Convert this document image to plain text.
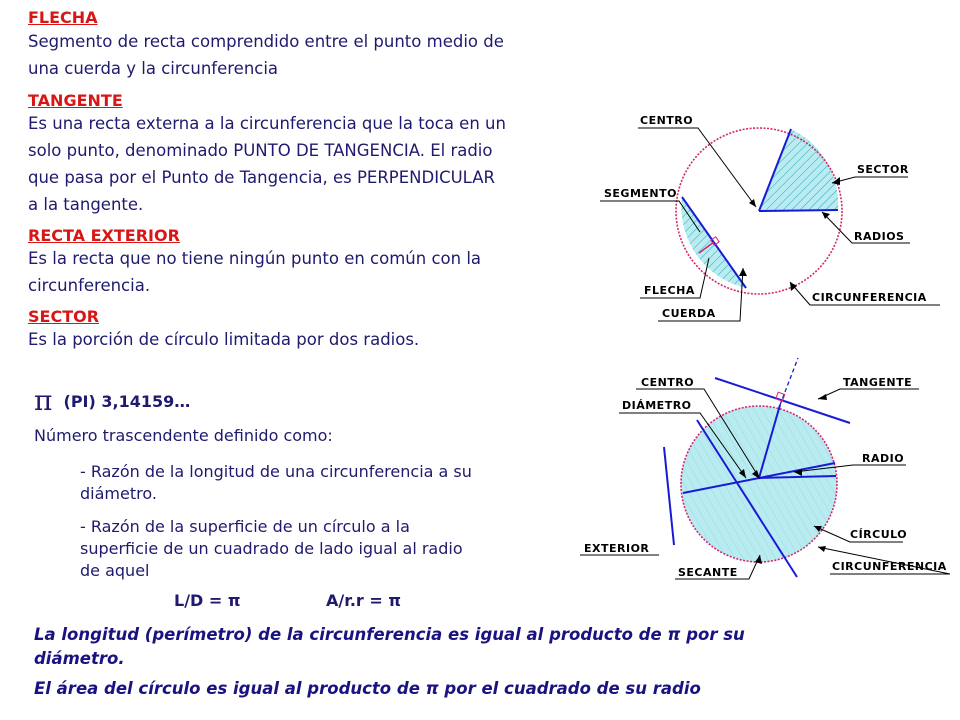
FLECHA
Segmento de recta comprendido entre el punto medio de
una cuerda y la circunferencia
TANGENTE
Es una recta externa a la circunferencia que la toca en un
solo punto, denominado PUNTO DE TANGENCIA. El radio
que pasa por el Punto de Tangencia, es PERPENDICULAR
a la tangente.
RECTA EXTERIOR
Es la recta que no tiene ningún punto en común con la
circunferencia.
SECTOR
Es la porción de círculo limitada por dos radios.
π (PI) 3,14159…
Número trascendente definido como:
- Razón de la longitud de una circunferencia a su
diámetro.
- Razón de la superficie de un círculo a la
superficie de un cuadrado de lado igual al radio
de aquel
L/D = π	A/r.r = π
La longitud (perímetro) de la circunferencia es igual al producto de π por su
diámetro.
El área del círculo es igual al producto de π por el cuadrado de su radio
CENTRO
SECTOR
SEGMENTO
RADIOS
FLECHA
CIRCUNFERENCIA
CUERDA
CENTRO	TANGENTE
DIÁMETRO
RADIO
CÍRCULO
EXTERIOR
CIRCUNFERENCIA
SECANTE
